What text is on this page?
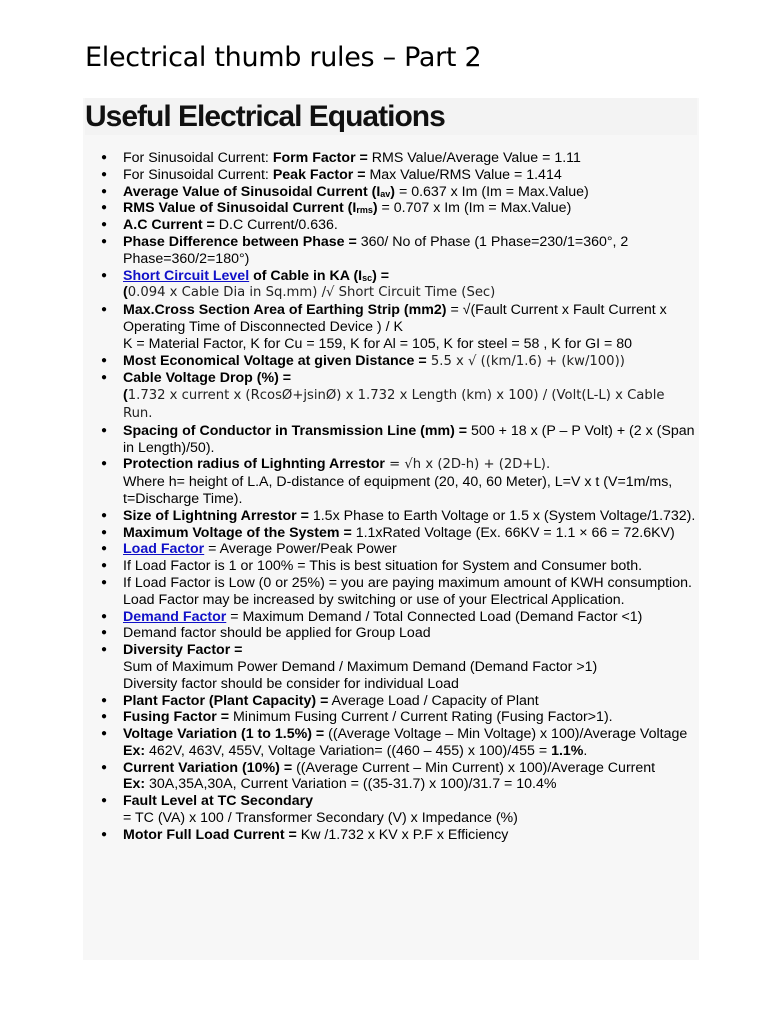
Electrical thumb rules – Part 2
Useful Electrical Equations
● For Sinusoidal Current: Form Factor = RMS Value/Average Value = 1.11
● For Sinusoidal Current: Peak Factor = Max Value/RMS Value = 1.414
● Average Value of Sinusoidal Current $(I_{av}) = 0.637$ x Im (Im = Max.Value)
● RMS Value of Sinusoidal Current $(I_{rms}) = 0.707$ x Im (Im = Max.Value)
● A.C Current = D.C Current/0.636.
● Phase Difference between Phase = 360/ No of Phase (1 Phase=230/1=360°, 2 Phase=360/2=180°)
● Short Circuit Level of Cable in KA $(I_{sc})$ =
(0.094 x Cable Dia in Sq.mm) /√ Short Circuit Time (Sec)
● Max.Cross Section Area of Earthing Strip (mm2) = √(Fault Current x Fault Current x Operating Time of Disconnected Device ) / K
K = Material Factor, K for Cu = 159, K for Al = 105, K for steel = 58 , K for GI = 80
● Most Economical Voltage at given Distance = 5.5 x √ ((km/1.6) + (kw/100))
● Cable Voltage Drop (%) =
(1.732 x current x (RcosØ+jsinØ) x 1.732 x Length (km) x 100) / (Volt(L-L) x Cable Run.
● Spacing of Conductor in Transmission Line (mm) = 500 + 18 x (P – P Volt) + (2 x (Span in Length)/50).
● Protection radius of Lighnting Arrestor = √h x (2D-h) + (2D+L).
Where h= height of L.A, D-distance of equipment (20, 40, 60 Meter), L=V x t (V=1m/ms, t=Discharge Time).
● Size of Lightning Arrestor = 1.5x Phase to Earth Voltage or 1.5 x (System Voltage/1.732).
● Maximum Voltage of the System = 1.1xRated Voltage (Ex. 66KV = 1.1 × 66 = 72.6KV)
● Load Factor = Average Power/Peak Power
● If Load Factor is 1 or 100% = This is best situation for System and Consumer both.
● If Load Factor is Low (0 or 25%) = you are paying maximum amount of KWH consumption. Load Factor may be increased by switching or use of your Electrical Application.
● Demand Factor = Maximum Demand / Total Connected Load (Demand Factor <1)
● Demand factor should be applied for Group Load
● Diversity Factor =
Sum of Maximum Power Demand / Maximum Demand (Demand Factor >1)
Diversity factor should be consider for individual Load
● Plant Factor (Plant Capacity) = Average Load / Capacity of Plant
● Fusing Factor = Minimum Fusing Current / Current Rating (Fusing Factor>1).
● Voltage Variation (1 to 1.5%) = ((Average Voltage – Min Voltage) x 100)/Average Voltage
Ex: 462V, 463V, 455V, Voltage Variation= ((460 – 455) x 100)/455 = 1.1%.
● Current Variation (10%) = ((Average Current – Min Current) x 100)/Average Current
Ex: 30A,35A,30A, Current Variation = ((35-31.7) x 100)/31.7 = 10.4%
● Fault Level at TC Secondary
= TC (VA) x 100 / Transformer Secondary (V) x Impedance (%)
● Motor Full Load Current = Kw /1.732 x KV x P.F x Efficiency
